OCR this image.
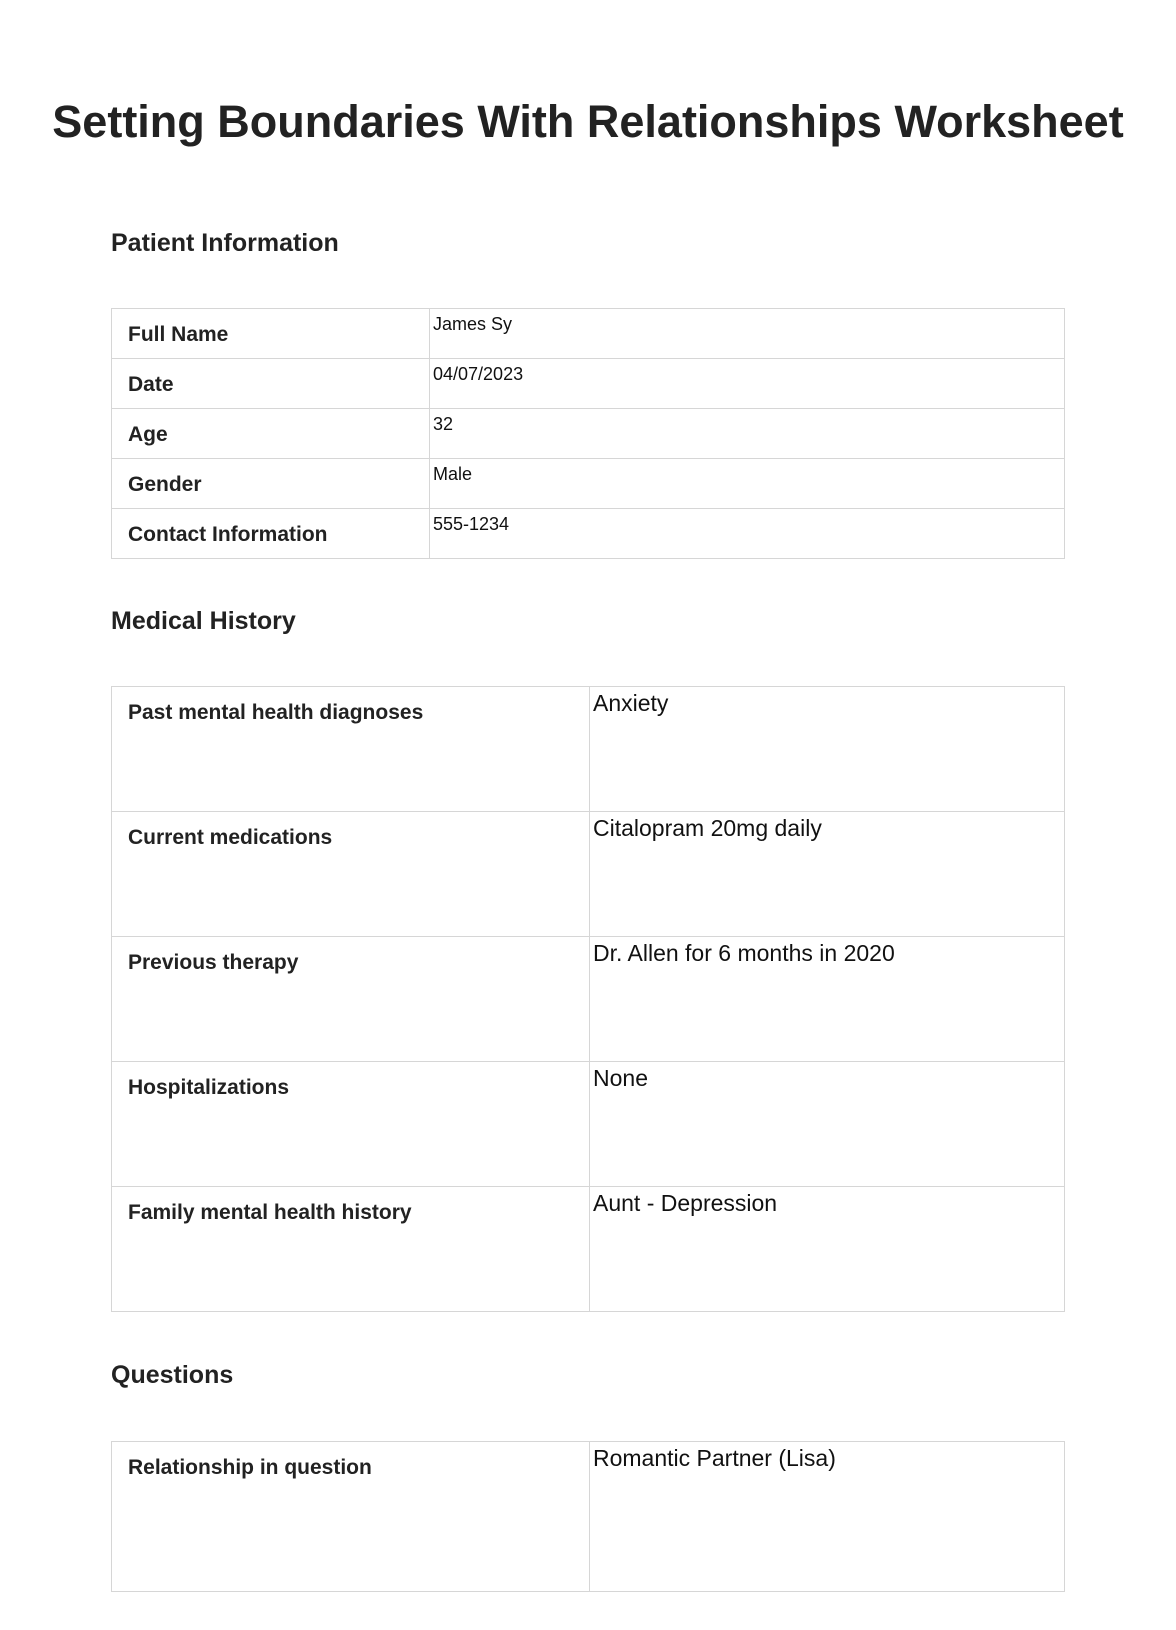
Setting Boundaries With Relationships Worksheet
Patient Information
Full Name	James Sy
Date	04/07/2023
Age	32
Gender	Male
Contact Information	555-1234
Medical History
Past mental health diagnoses	Anxiety
Current medications	Citalopram 20mg daily
Previous therapy	Dr. Allen for 6 months in 2020
Hospitalizations	None
Family mental health history	Aunt - Depression
Questions
Relationship in question	Romantic Partner (Lisa)
